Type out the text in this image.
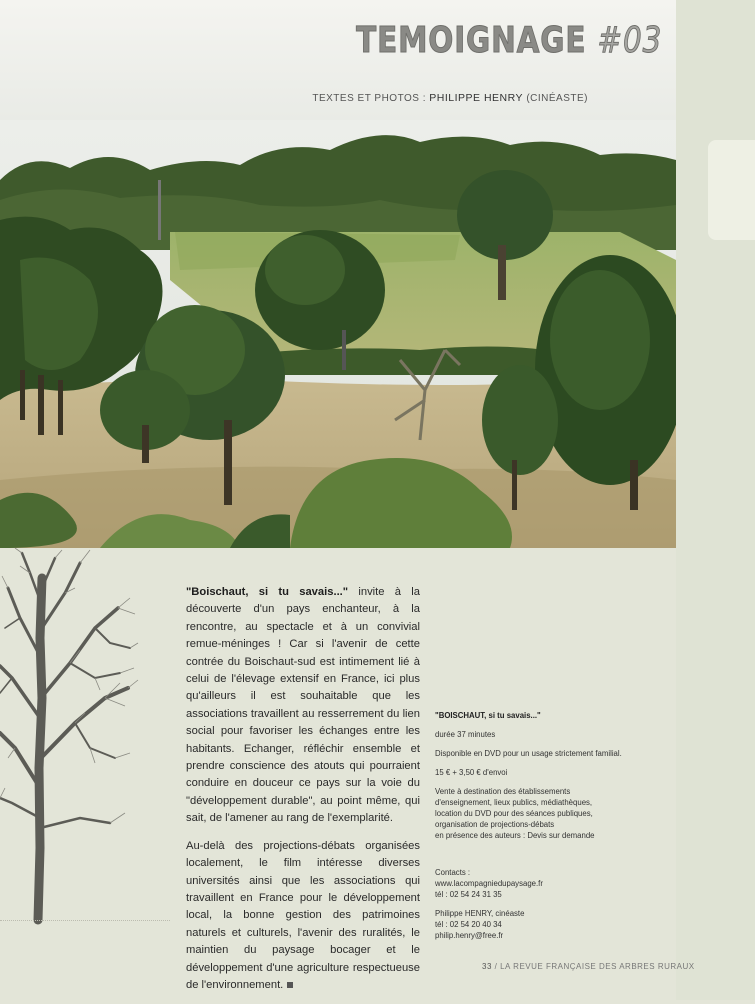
TEMOIGNAGE #03
TEXTES ET PHOTOS : PHILIPPE HENRY (CINÉASTE)

"Boischaut, si tu savais..." invite à la découverte d'un pays enchanteur, à la rencontre, au spectacle et à un convivial remue-méninges ! Car si l'avenir de cette contrée du Boischaut-sud est intimement lié à celui de l'élevage extensif en France, ici plus qu'ailleurs il est souhaitable que les associations travaillent au resserrement du lien social pour favoriser les échanges entre les habitants. Echanger, réfléchir ensemble et prendre conscience des atouts qui pourraient conduire en douceur ce pays sur la voie du "développement durable", au point même, qui sait, de l'amener au rang de l'exemplarité.

Au-delà des projections-débats organisées localement, le film intéresse diverses universités ainsi que les associations qui travaillent en France pour le développement local, la bonne gestion des patrimoines naturels et culturels, l'avenir des ruralités, le maintien du paysage bocager et le développement d'une agriculture respectueuse de l'environnement.

"BOISCHAUT, si tu savais..."

durée 37 minutes

Disponible en DVD pour un usage strictement familial.

15 € + 3,50 € d'envoi

Vente à destination des établissements
d'enseignement, lieux publics, médiathèques,
location du DVD pour des séances publiques,
organisation de projections-débats
en présence des auteurs : Devis sur demande

Contacts :
www.lacompagniedupaysage.fr
tél : 02 54 24 31 35

Philippe HENRY, cinéaste
tél : 02 54 20 40 34
philip.henry@free.fr

33 / LA REVUE FRANÇAISE DES ARBRES RURAUX
